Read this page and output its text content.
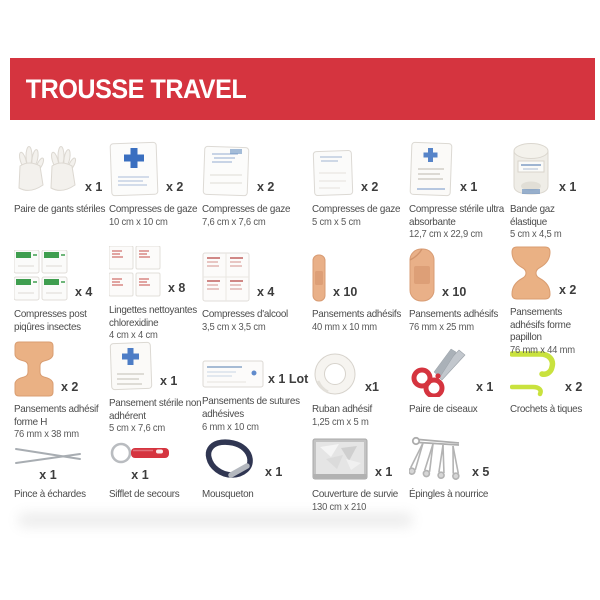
TROUSSE TRAVEL
x 1
Paire de gants stériles
x 2
Compresses de gaze
10 cm x 10 cm
x 2
Compresses de gaze
7,6 cm x 7,6 cm
x 2
Compresses de gaze
5 cm x 5 cm
x 1
Compresse stérile ultra absorbante
12,7 cm x 22,9 cm
x 1
Bande gaz élastique
5 cm x 4,5 m
x 4
Compresses post piqûres insectes
x 8
Lingettes nettoyantes chlorexidine
4 cm x 4 cm
x 4
Compresses d'alcool
3,5 cm x 3,5 cm
x 10
Pansements adhésifs
40 mm x 10 mm
x 10
Pansements adhésifs
76 mm x 25 mm
x 2
Pansements adhésifs forme papillon
76 mm x 44 mm
x 2
Pansements adhésif forme H
76 mm x 38 mm
x 1
Pansement stérile non adhérent
5 cm x 7,6 cm
x 1 Lot
Pansements de sutures adhésives
6 mm x 10 cm
x1
Ruban adhésif
1,25 cm x 5 m
x 1
Paire de ciseaux
x 2
Crochets à tiques
x 1
Pince à échardes
x 1
Sifflet de secours
x 1
Mousqueton
x 1
Couverture de survie
130 cm x 210
x 5
Épingles à nourrice
